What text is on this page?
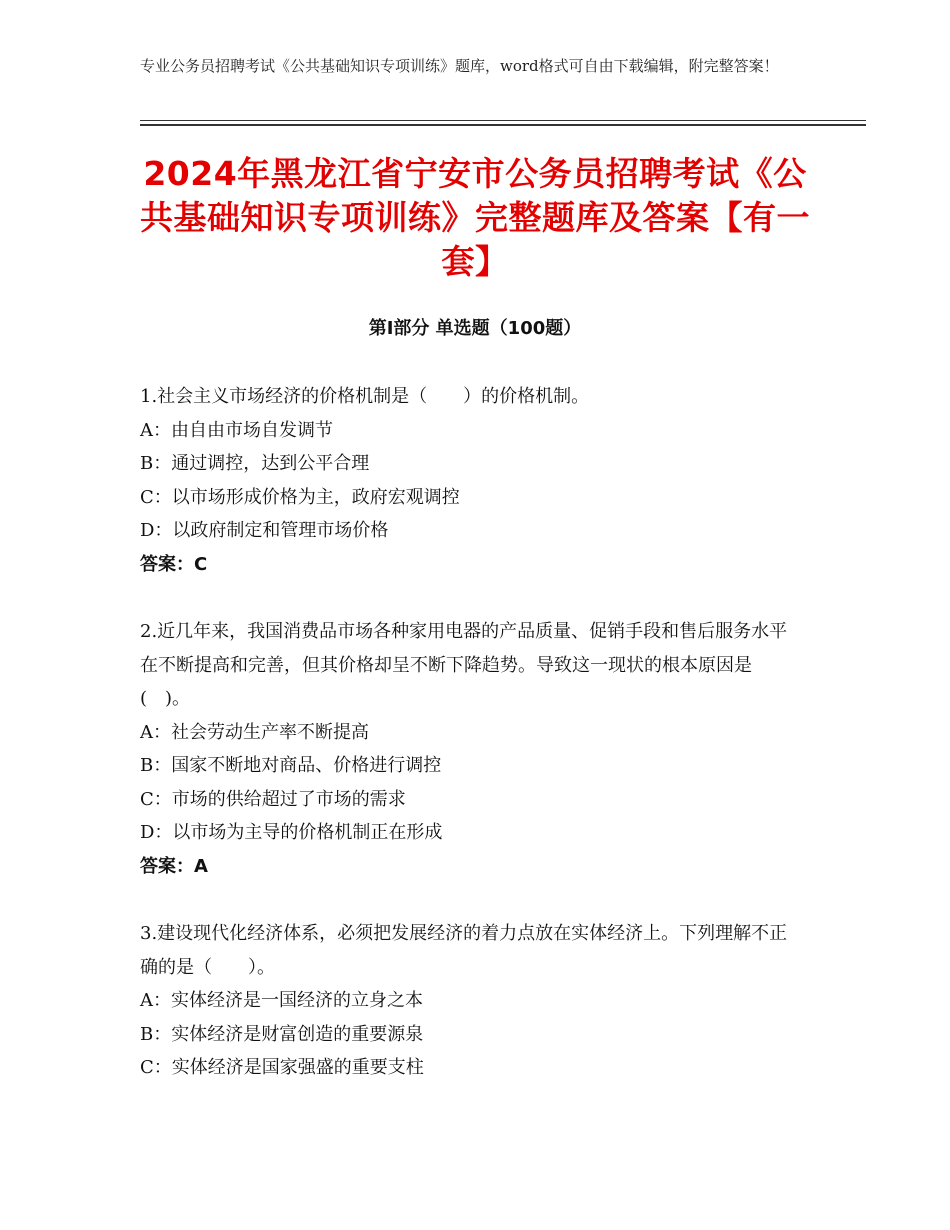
专业公务员招聘考试《公共基础知识专项训练》题库，word格式可自由下载编辑，附完整答案！
2024年黑龙江省宁安市公务员招聘考试《公共基础知识专项训练》完整题库及答案【有一套】
第Ⅰ部分 单选题（100题）
1.社会主义市场经济的价格机制是（　　）的价格机制。
A：由自由市场自发调节
B：通过调控，达到公平合理
C：以市场形成价格为主，政府宏观调控
D：以政府制定和管理市场价格
答案：C
2.近几年来，我国消费品市场各种家用电器的产品质量、促销手段和售后服务水平在不断提高和完善，但其价格却呈不断下降趋势。导致这一现状的根本原因是(　)。
A：社会劳动生产率不断提高
B：国家不断地对商品、价格进行调控
C：市场的供给超过了市场的需求
D：以市场为主导的价格机制正在形成
答案：A
3.建设现代化经济体系，必须把发展经济的着力点放在实体经济上。下列理解不正确的是（　　）。
A：实体经济是一国经济的立身之本
B：实体经济是财富创造的重要源泉
C：实体经济是国家强盛的重要支柱
